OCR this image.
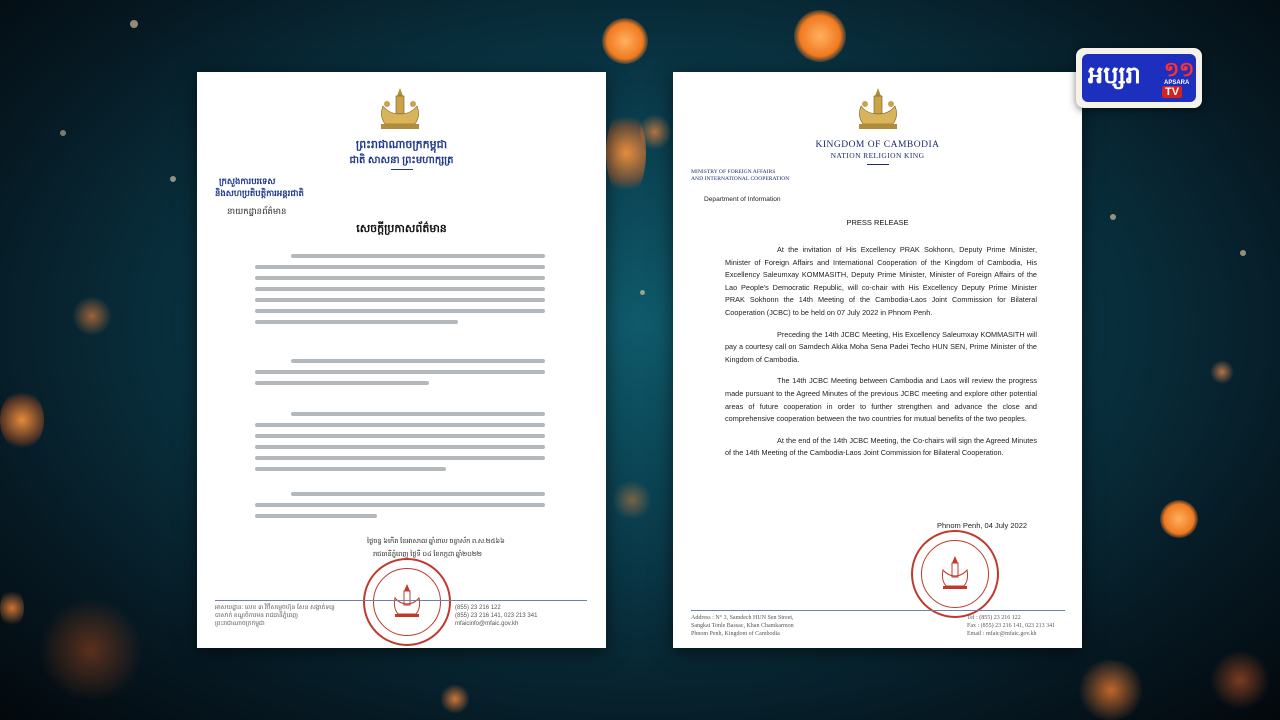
ព្រះរាជាណាចក្រកម្ពុជា
ជាតិ សាសនា ព្រះមហាក្សត្រ
ក្រសួងការបរទេស
និងសហប្រតិបត្តិការអន្តរជាតិ
នាយកដ្ឋានព័ត៌មាន
សេចក្តីប្រកាសព័ត៌មាន
ថ្ងៃចន្ទ ៦កើត ខែអាសាឍ ឆ្នាំខាល ចត្វាស័ក ព.ស.២៥៦៦
រាជធានីភ្នំពេញ ថ្ងៃទី ០៤ ខែកក្កដា ឆ្នាំ២០២២
អាសយដ្ឋាន: លេខ ៣ វិថីសម្តេចហ៊ុន សែន សង្កាត់ទន្លេបាសាក់ ខណ្ឌចំការមន រាជធានីភ្នំពេញ ព្រះរាជាណាចក្រកម្ពុជា
(855) 23 216 122
(855) 23 216 141, 023 213 341
mfaicinfo@mfaic.gov.kh
KINGDOM OF CAMBODIA
NATION RELIGION KING
MINISTRY OF FOREIGN AFFAIRS
AND INTERNATIONAL COOPERATION
Department of Information
PRESS RELEASE

At the invitation of His Excellency PRAK Sokhonn, Deputy Prime Minister, Minister of Foreign Affairs and International Cooperation of the Kingdom of Cambodia, His Excellency Saleumxay KOMMASITH, Deputy Prime Minister, Minister of Foreign Affairs of the Lao People's Democratic Republic, will co-chair with His Excellency Deputy Prime Minister PRAK Sokhonn the 14th Meeting of the Cambodia-Laos Joint Commission for Bilateral Cooperation (JCBC) to be held on 07 July 2022 in Phnom Penh.

Preceding the 14th JCBC Meeting, His Excellency Saleumxay KOMMASITH will pay a courtesy call on Samdech Akka Moha Sena Padei Techo HUN SEN, Prime Minister of the Kingdom of Cambodia.

The 14th JCBC Meeting between Cambodia and Laos will review the progress made pursuant to the Agreed Minutes of the previous JCBC meeting and explore other potential areas of future cooperation in order to further strengthen and advance the close and comprehensive cooperation between the two countries for mutual benefits of the two peoples.

At the end of the 14th JCBC Meeting, the Co-chairs will sign the Agreed Minutes of the 14th Meeting of the Cambodia-Laos Joint Commission for Bilateral Cooperation.

Phnom Penh, 04 July 2022
Address : N° 3, Samdech HUN Sen Street,
Sangkat Tonle Bassac, Khan Chamkarmon
Phnom Penh, Kingdom of Cambodia
Tel : (855) 23 216 122
Fax : (855) 23 216 141, 023 213 341
Email : mfaic@mfaic.gov.kh
អប្សរា ១១
APSARA
TV
